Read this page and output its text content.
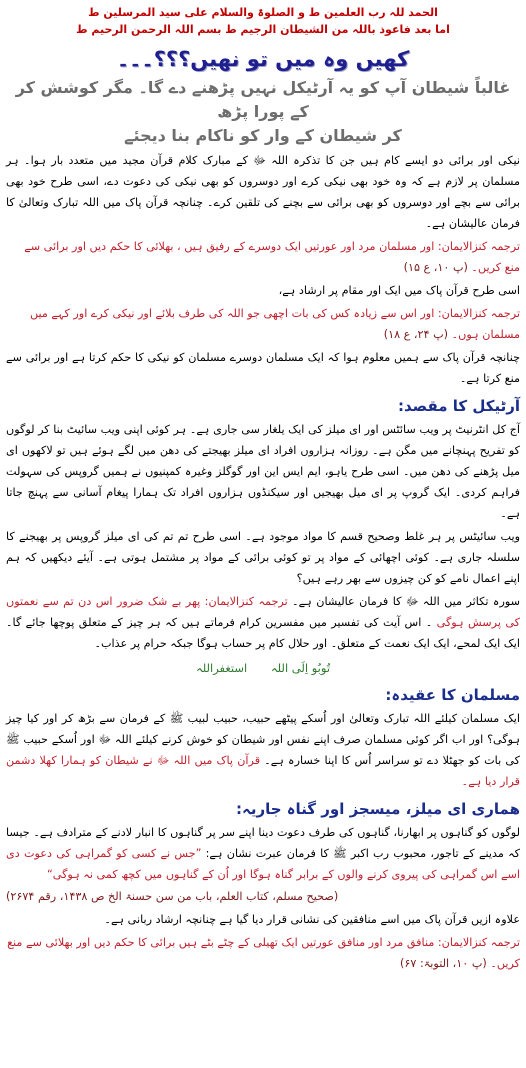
الحمد للہ رب العلمین ط و الصلوۃ والسلام علی سید المرسلین ط
اما بعد فاعوذ باللہ من الشیطان الرجیم ط بسم اللہ الرحمن الرحیم ط
کھیں وہ میں تو نھیں؟؟؟۔۔۔
غالباً شیطان آپ کو یہ آرٹیکل نہیں پڑھنے دے گا۔ مگر کوشش کر کے پورا پڑھ
کر شیطان کے وار کو ناکام بنا دیجئے

نیکی اور برائی دو ایسے کام ہیں جن کا تذکرہ اللہ ﷻ کے مبارک کلام قرآن مجید میں متعدد بار ہوا۔ ہر مسلمان پر لازم ہے کہ وہ خود بھی نیکی کرے اور دوسروں کو بھی نیکی کی دعوت دے، اسی طرح خود بھی برائی سے بچے اور دوسروں کو بھی برائی سے بچنے کی تلقین کرے۔ چنانچہ قرآن پاک میں اللہ تبارک وتعالیٰ کا فرمان عالیشان ہے۔

ترجمہ کنزالایمان: اور مسلمان مرد اور عورتیں ایک دوسرے کے رفیق ہیں ، بھلائی کا حکم دیں اور برائی سے منع کریں۔ (پ ۱۰، ع ۱۵)

اسی طرح قرآن پاک میں ایک اور مقام پر ارشاد ہے،

ترجمہ کنزالایمان: اور اس سے زیادہ کس کی بات اچھی جو اللہ کی طرف بلائے اور نیکی کرے اور کہے میں مسلمان ہوں۔ (پ ۲۴، ع ۱۸)

چنانچہ قرآن پاک سے ہمیں معلوم ہوا کہ ایک مسلمان دوسرے مسلمان کو نیکی کا حکم کرتا ہے اور برائی سے منع کرتا ہے۔

آرٹیکل کا مقصد:

آج کل انٹرنیٹ پر ویب سائٹس اور ای میلز کی ایک یلغار سی جاری ہے۔ ہر کوئی اپنی ویب سائیٹ بنا کر لوگوں کو تفریح پہنچانے میں مگن ہے۔ روزانہ ہزاروں افراد ای میلز بھیجتے کی دھن میں لگے ہوئے ہیں تو لاکھوں ای میل پڑھنے کی دھن میں۔ اسی طرح یاہو، ایم ایس این اور گوگلز وغیرہ کمپنیوں نے ہمیں گروپس کی سہولت فراہم کردی۔ ایک گروپ پر ای میل بھیجیں اور سیکنڈوں ہزاروں افراد تک ہمارا پیغام آسانی سے پہنچ جاتا ہے۔

ویب سائیٹس پر ہر غلط وصحیح قسم کا مواد موجود ہے۔ اسی طرح تم تم کی ای میلز گروپس پر بھیجنے کا سلسلہ جاری ہے۔ کوئی اچھائی کے مواد پر تو کوئی برائی کے مواد پر مشتمل ہوتی ہے۔ آیئے دیکھیں کہ ہم اپنے اعمال نامے کو کن چیزوں سے بھر رہے ہیں؟

سورہ تکاثر میں اللہ ﷻ کا فرمان عالیشان ہے۔ ترجمہ کنزالایمان: پھر بے شک ضرور اس دن تم سے نعمتوں کی پرسش ہوگی ۔ اس آیت کی تفسیر میں مفسرین کرام فرماتے ہیں کہ ہر چیز کے متعلق پوچھا جائے گا۔ ایک ایک لمحے، ایک ایک نعمت کے متعلق۔ اور حلال کام پر حساب ہوگا جبکہ حرام پر عذاب۔

تُوبُو اِلَی اللہ استغفراللہ
مسلمان کا عقیدہ:

ایک مسلمان کیلئے اللہ تبارک وتعالیٰ اور اُسکے پیٹھے حبیب، حبیب لبیب ﷺ کے فرمان سے بڑھ کر اور کیا چیز ہوگی؟ اور اب اگر کوئی مسلمان صرف اپنے نفس اور شیطان کو خوش کرنے کیلئے اللہ ﷻ اور اُسکے حبیب ﷺ کی بات کو جھٹلا دے تو سراسر اُس کا اپنا خسارہ ہے۔ قرآن پاک میں اللہ ﷻ نے شیطان کو ہمارا کھلا دشمن قرار دیا ہے۔

ھماری ای میلز، میسجز اور گناہ جاریہ:

لوگوں کو گناہوں پر ابھارنا، گناہوں کی طرف دعوت دینا اپنے سر پر گناہوں کا انبار لادنے کے مترادف ہے۔ جیسا کہ مدینے کے تاجور، محبوب رب اکبر ﷺ کا فرمان عبرت نشان ہے: ”جس نے کسی کو گمراہی کی دعوت دی اسے اس گمراہی کی پیروی کرنے والوں کے برابر گناہ ہوگا اور اُن کے گناہوں میں کچھ کمی نہ ہوگی“

(صحیح مسلم، کتاب العلم، باب من سن حسنۃ الخ ص ۱۴۳۸، رقم ۲۶۷۴)

علاوہ ازیں قرآن پاک میں اسے منافقین کی نشانی قرار دیا گیا ہے چنانچہ ارشاد ربانی ہے۔

ترجمہ کنزالایمان: منافق مرد اور منافق عورتیں ایک تھیلی کے چٹے بٹے ہیں برائی کا حکم دیں اور بھلائی سے منع کریں۔ (پ ۱۰، التوبۃ: ۶۷)
